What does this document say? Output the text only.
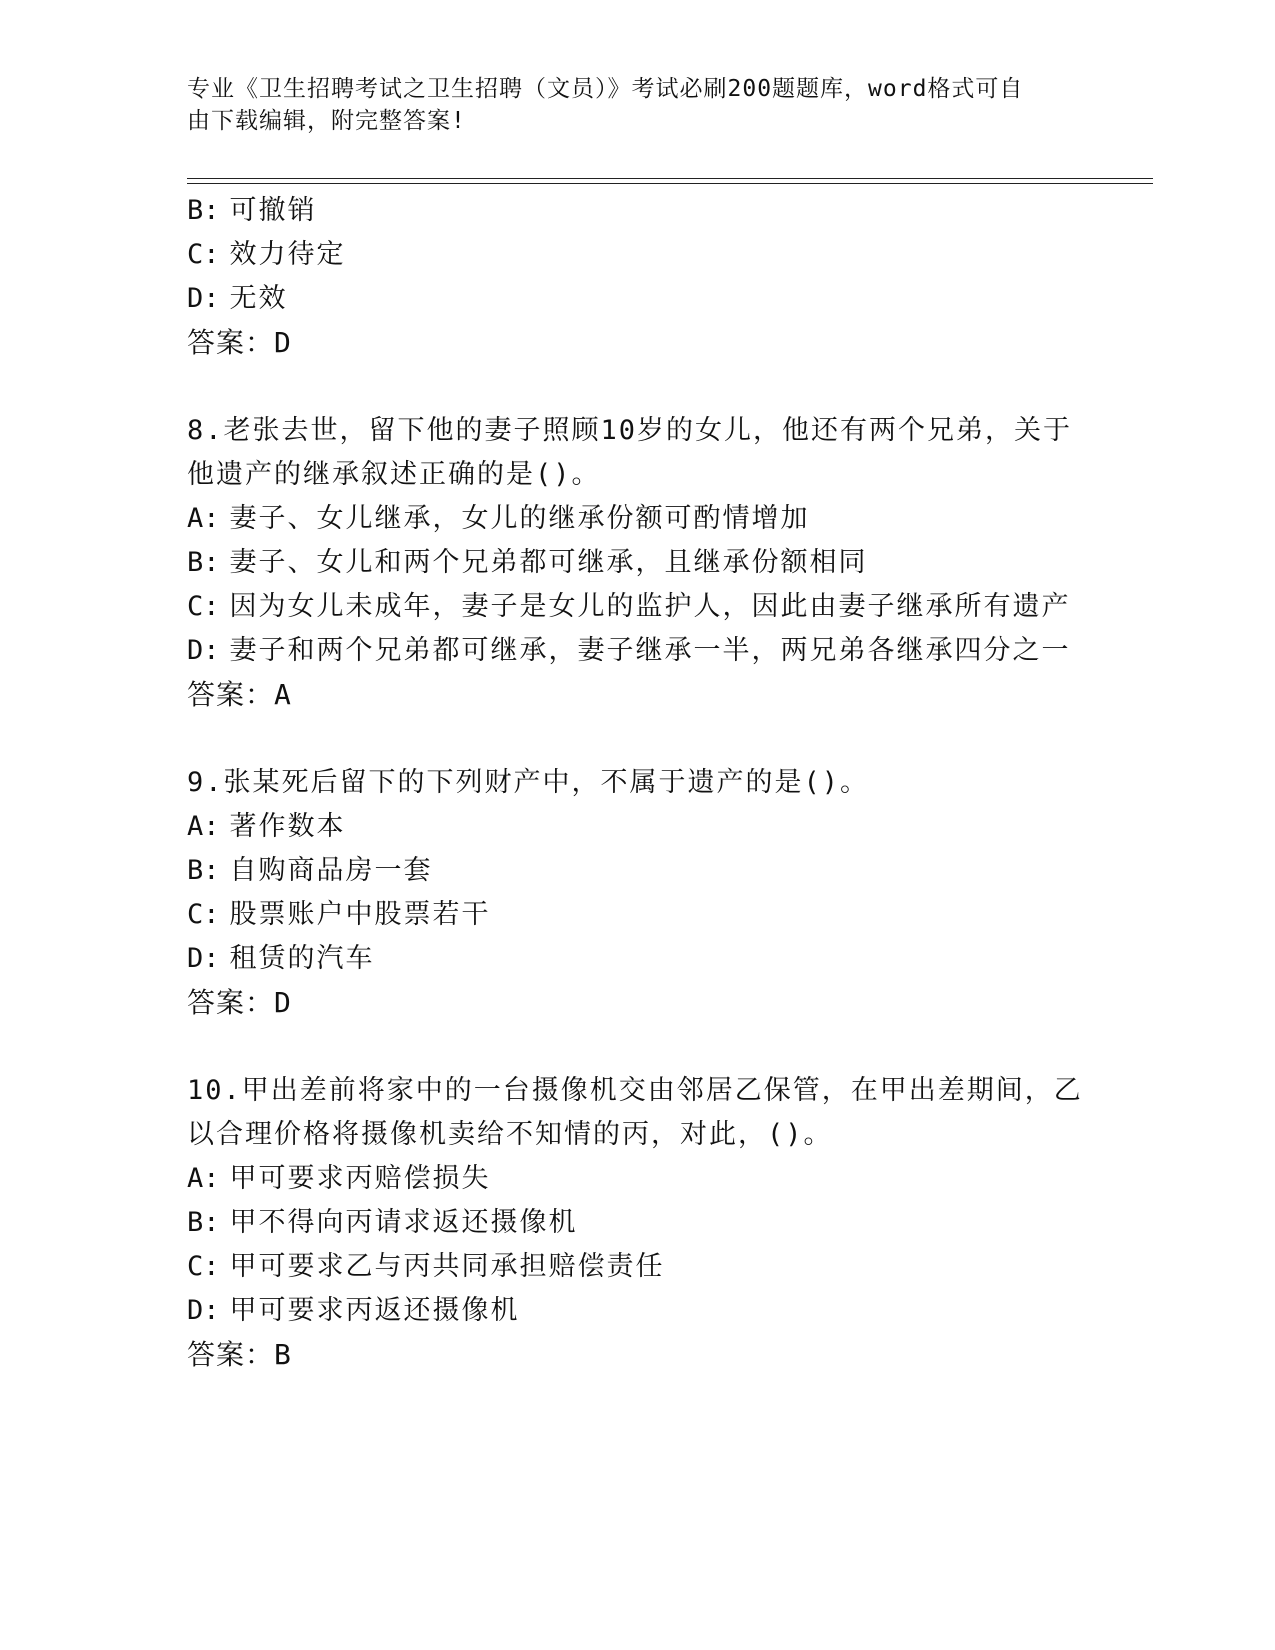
专业《卫生招聘考试之卫生招聘（文员）》考试必刷200题题库，word格式可自
由下载编辑，附完整答案!
B: 可撤销
C: 效力待定
D: 无效
答案：D
8.老张去世，留下他的妻子照顾10岁的女儿，他还有两个兄弟，关于
他遗产的继承叙述正确的是()。
A: 妻子、女儿继承，女儿的继承份额可酌情增加
B: 妻子、女儿和两个兄弟都可继承，且继承份额相同
C: 因为女儿未成年，妻子是女儿的监护人，因此由妻子继承所有遗产
D: 妻子和两个兄弟都可继承，妻子继承一半，两兄弟各继承四分之一
答案：A
9.张某死后留下的下列财产中，不属于遗产的是()。
A: 著作数本
B: 自购商品房一套
C: 股票账户中股票若干
D: 租赁的汽车
答案：D
10.甲出差前将家中的一台摄像机交由邻居乙保管，在甲出差期间，乙
以合理价格将摄像机卖给不知情的丙，对此，()。
A: 甲可要求丙赔偿损失
B: 甲不得向丙请求返还摄像机
C: 甲可要求乙与丙共同承担赔偿责任
D: 甲可要求丙返还摄像机
答案：B
